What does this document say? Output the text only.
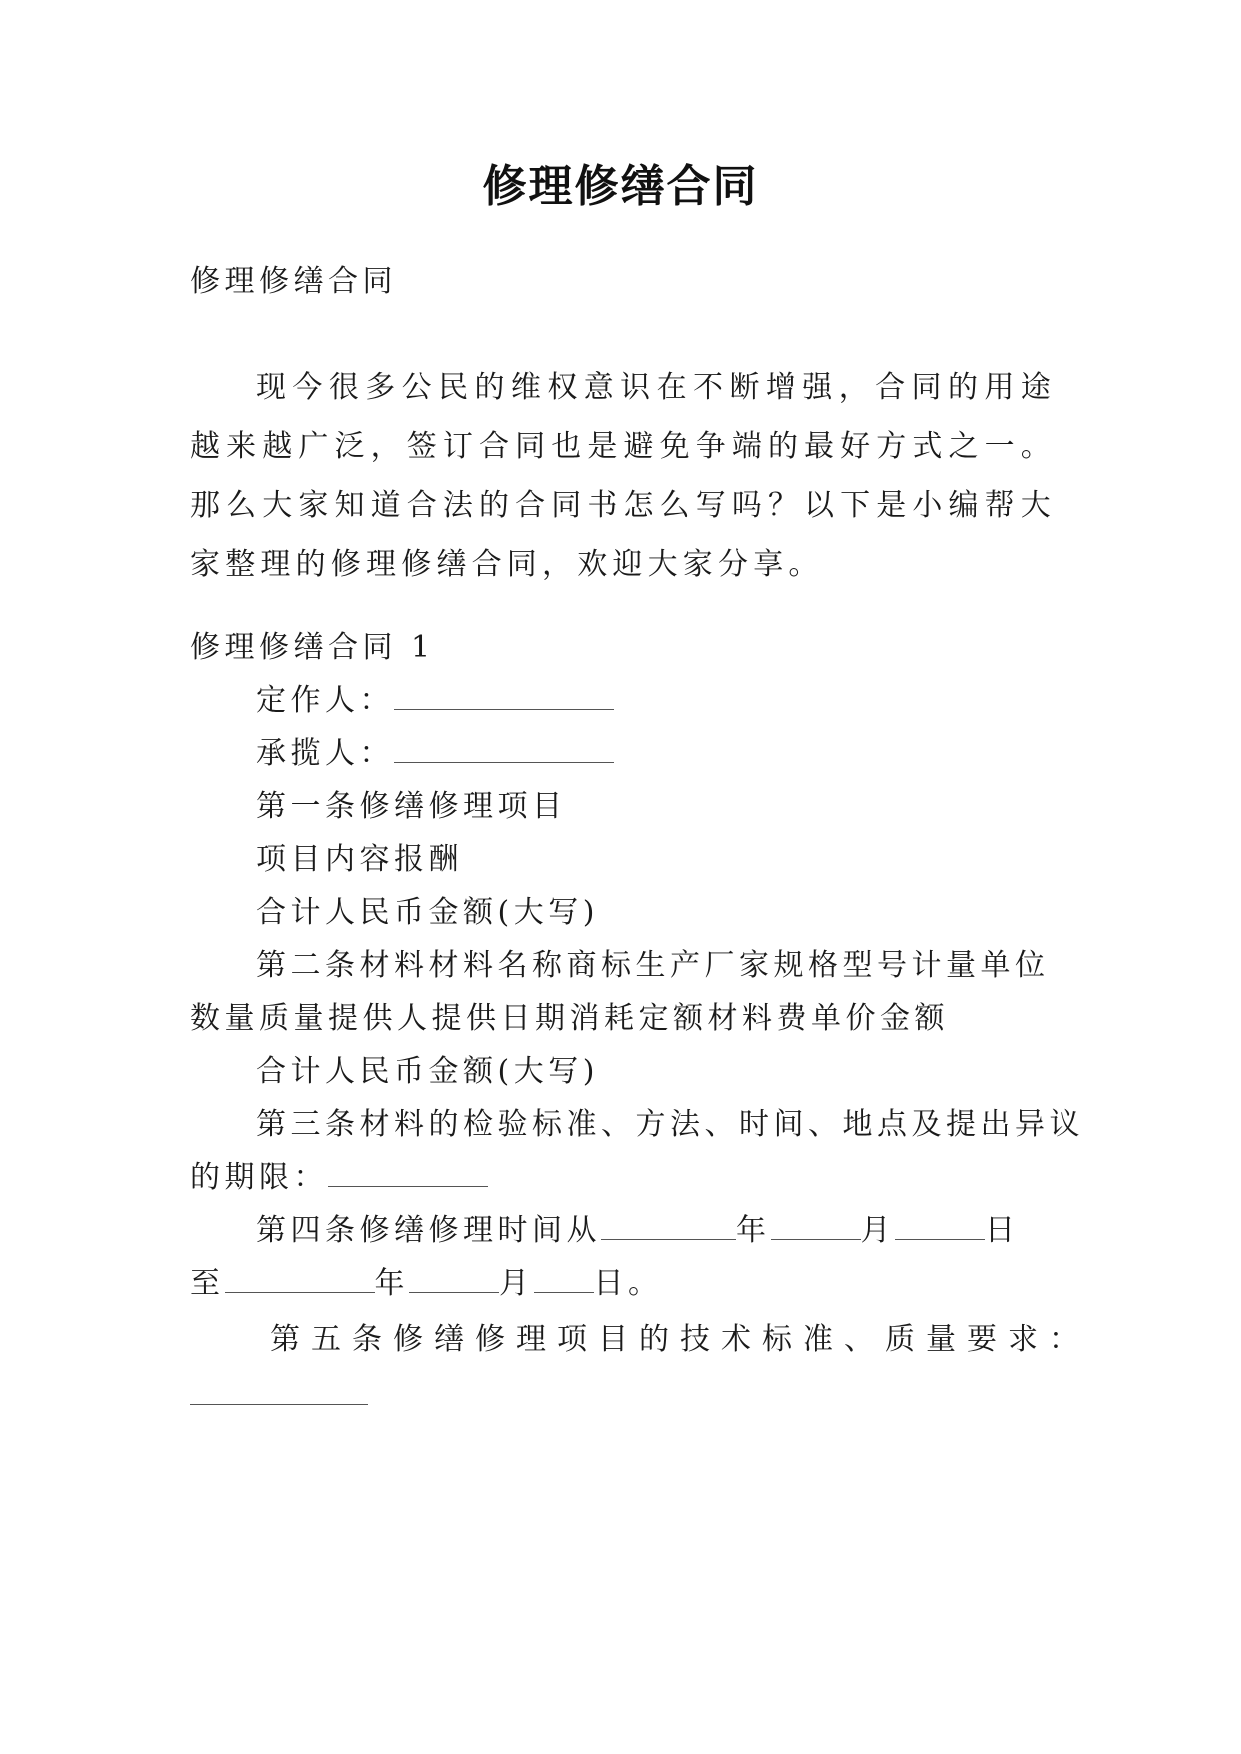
修理修缮合同
修理修缮合同
现今很多公民的维权意识在不断增强，合同的用途越来越广泛，签订合同也是避免争端的最好方式之一。那么大家知道合法的合同书怎么写吗？以下是小编帮大家整理的修理修缮合同，欢迎大家分享。
修理修缮合同 1
定作人：
承揽人：
第一条修缮修理项目
项目内容报酬
合计人民币金额(大写)
第二条材料材料名称商标生产厂家规格型号计量单位
数量质量提供人提供日期消耗定额材料费单价金额
合计人民币金额(大写)
第三条材料的检验标准、方法、时间、地点及提出异议
的期限：
第四条修缮修理时间从	年	月	日
至	年	月 日。
第五条修缮修理项目的技术标准、质量要求：
